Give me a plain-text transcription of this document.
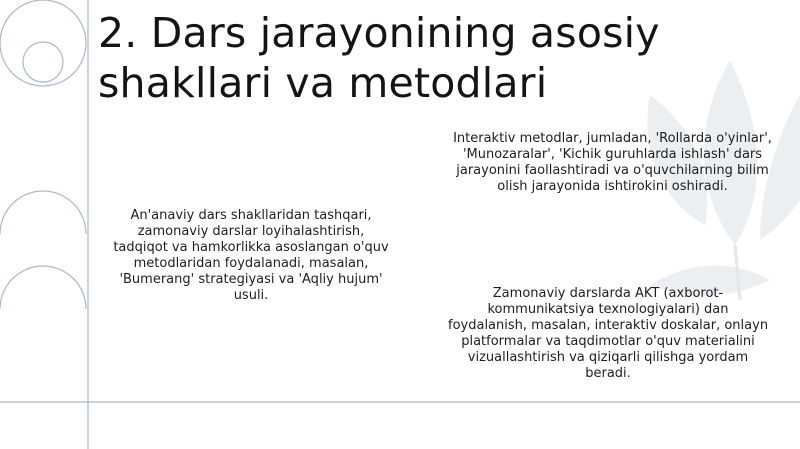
2. Dars jarayonining asosiy
shakllari va metodlari

An'anaviy dars shakllaridan tashqari,
zamonaviy darslar loyihalashtirish,
tadqiqot va hamkorlikka asoslangan o'quv
metodlaridan foydalanadi, masalan,
'Bumerang' strategiyasi va 'Aqliy hujum'
usuli.

Interaktiv metodlar, jumladan, 'Rollarda o'yinlar',
'Munozaralar', 'Kichik guruhlarda ishlash' dars
jarayonini faollashtiradi va o'quvchilarning bilim
olish jarayonida ishtirokini oshiradi.

Zamonaviy darslarda AKT (axborot-
kommunikatsiya texnologiyalari) dan
foydalanish, masalan, interaktiv doskalar, onlayn
platformalar va taqdimotlar o'quv materialini
vizuallashtirish va qiziqarli qilishga yordam
beradi.
